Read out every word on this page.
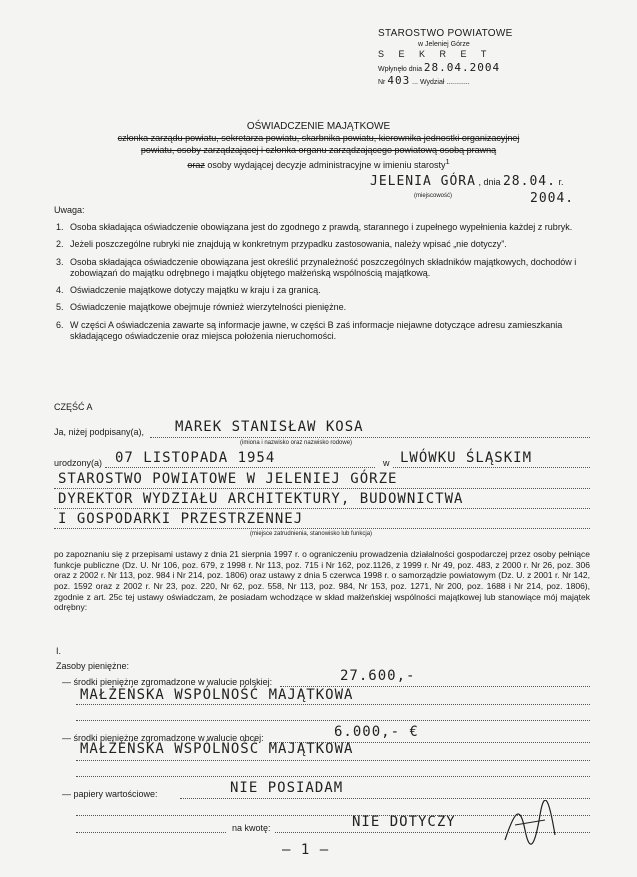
STAROSTWO POWIATOWE
w Jeleniej Górze
S E K R E T
Wpłynęło dnia 28.04.2004
Nr 403 ... Wydział ............
OŚWIADCZENIE MAJĄTKOWE
członka zarządu powiatu, sekretarza powiatu, skarbnika powiatu, kierownika jednostki organizacyjnej
powiatu, osoby zarządzającej i członka organu zarządzającego powiatową osobą prawną
oraz osoby wydającej decyzje administracyjne w imieniu starosty$^1$
JELENIA GÓRA , dnia 28.04. r.
(miejscowość)	2004.
Uwaga:
1. Osoba składająca oświadczenie obowiązana jest do zgodnego z prawdą, starannego i zupełnego wypełnienia każdej z rubryk.
2. Jeżeli poszczególne rubryki nie znajdują w konkretnym przypadku zastosowania, należy wpisać „nie dotyczy”.
3. Osoba składająca oświadczenie obowiązana jest określić przynależność poszczególnych składników majątkowych, dochodów i zobowiązań do majątku odrębnego i majątku objętego małżeńską wspólnością majątkową.
4. Oświadczenie majątkowe dotyczy majątku w kraju i za granicą.
5. Oświadczenie majątkowe obejmuje również wierzytelności pieniężne.
6. W części A oświadczenia zawarte są informacje jawne, w części B zaś informacje niejawne dotyczące adresu zamieszkania składającego oświadczenie oraz miejsca położenia nieruchomości.
CZĘŚĆ A
Ja, niżej podpisany(a), MAREK STANISŁAW KOSA
(imiona i nazwisko oraz nazwisko rodowe)
urodzony(a) 07 LISTOPADA 1954	w LWÓWKU ŚLĄSKIM
STAROSTWO POWIATOWE W JELENIEJ GÓRZE
DYREKTOR WYDZIAŁU ARCHITEKTURY, BUDOWNICTWA
I GOSPODARKI PRZESTRZENNEJ
(miejsce zatrudnienia, stanowisko lub funkcja)
po zapoznaniu się z przepisami ustawy z dnia 21 sierpnia 1997 r. o ograniczeniu prowadzenia działalności gospodarczej przez osoby pełniące funkcje publiczne (Dz. U. Nr 106, poz. 679, z 1998 r. Nr 113, poz. 715 i Nr 162, poz.1126, z 1999 r. Nr 49, poz. 483, z 2000 r. Nr 26, poz. 306 oraz z 2002 r. Nr 113, poz. 984 i Nr 214, poz. 1806) oraz ustawy z dnia 5 czerwca 1998 r. o samorządzie powiatowym (Dz. U. z 2001 r. Nr 142, poz. 1592 oraz z 2002 r. Nr 23, poz. 220, Nr 62, poz. 558, Nr 113, poz. 984, Nr 153, poz. 1271, Nr 200, poz. 1688 i Nr 214, poz. 1806), zgodnie z art. 25c tej ustawy oświadczam, że posiadam wchodzące w skład małżeńskiej wspólności majątkowej lub stanowiące mój majątek odrębny:
I.
Zasoby pieniężne:
— środki pieniężne zgromadzone w walucie polskiej:	27.600,-
MAŁŻEŃSKA WSPÓLNOŚĆ MAJĄTKOWA
— środki pieniężne zgromadzone w walucie obcej:	6.000,- €
MAŁŻEŃSKA WSPÓLNOŚĆ MAJĄTKOWA
— papiery wartościowe:	NIE POSIADAM
na kwotę:	NIE DOTYCZY
– 1 –
